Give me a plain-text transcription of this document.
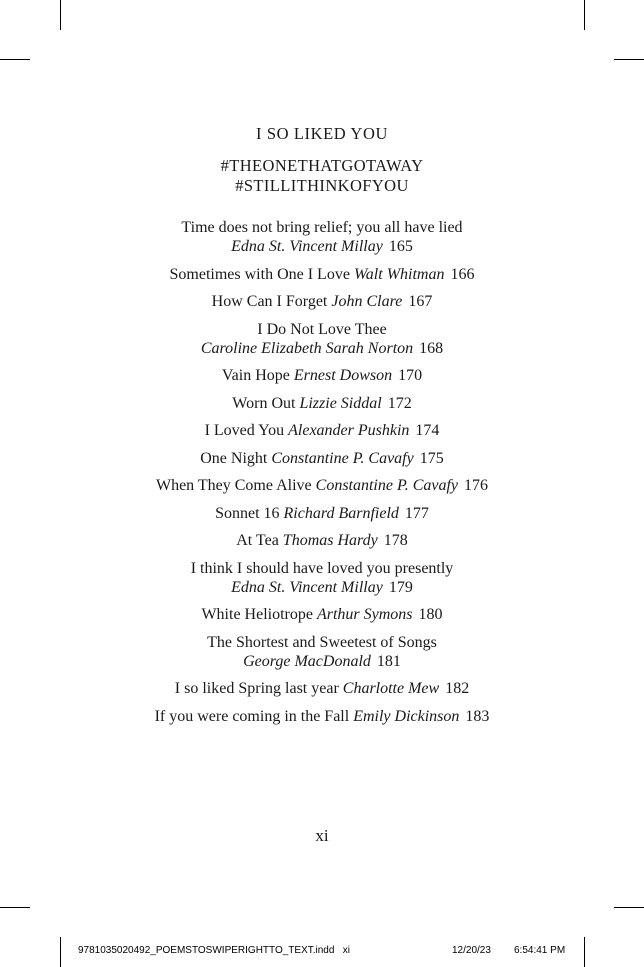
I SO LIKED YOU
#THEONETHATGOTAWAY
#STILLITHINKOFYOU
Time does not bring relief; you all have lied
Edna St. Vincent Millay 165
Sometimes with One I Love Walt Whitman 166
How Can I Forget John Clare 167
I Do Not Love Thee
Caroline Elizabeth Sarah Norton 168
Vain Hope Ernest Dowson 170
Worn Out Lizzie Siddal 172
I Loved You Alexander Pushkin 174
One Night Constantine P. Cavafy 175
When They Come Alive Constantine P. Cavafy 176
Sonnet 16 Richard Barnfield 177
At Tea Thomas Hardy 178
I think I should have loved you presently
Edna St. Vincent Millay 179
White Heliotrope Arthur Symons 180
The Shortest and Sweetest of Songs
George MacDonald 181
I so liked Spring last year Charlotte Mew 182
If you were coming in the Fall Emily Dickinson 183
xi
9781035020492_POEMSTOSWIPERIGHTTO_TEXT.indd xi	12/20/23 6:54:41 PM
